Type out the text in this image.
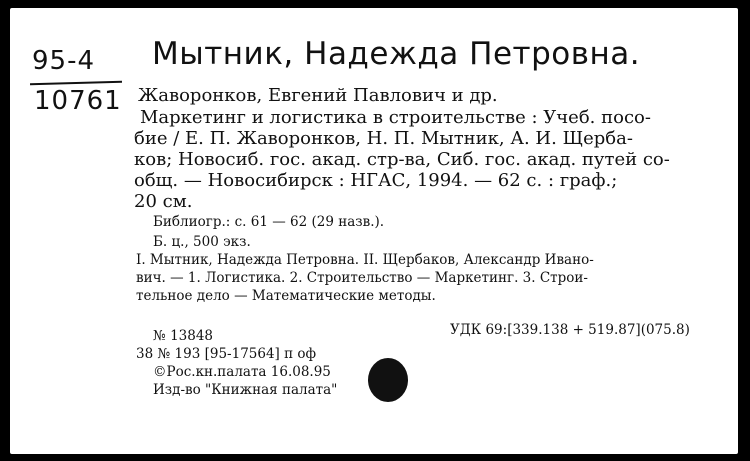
95-4
10761
Мытник, Надежда Петровна.
Жаворонков, Евгений Павлович и др.
Маркетинг и логистика в строительстве : Учеб. посо-
бие / Е. П. Жаворонков, Н. П. Мытник, А. И. Щерба-
ков; Новосиб. гос. акад. стр-ва, Сиб. гос. акад. путей со-
общ. — Новосибирск : НГАС, 1994. — 62 с. : граф.;
20 см.
Библиогр.: с. 61 — 62 (29 назв.).
Б. ц., 500 экз.
I. Мытник, Надежда Петровна. II. Щербаков, Александр Ивано-
вич. — 1. Логистика. 2. Строительство — Маркетинг. 3. Строи-
тельное дело — Математические методы.
№ 13848	УДК 69:[339.138 + 519.87](075.8)
38 № 193 [95-17564] п оф
©Рос.кн.палата 16.08.95
Изд-во "Книжная палата"
